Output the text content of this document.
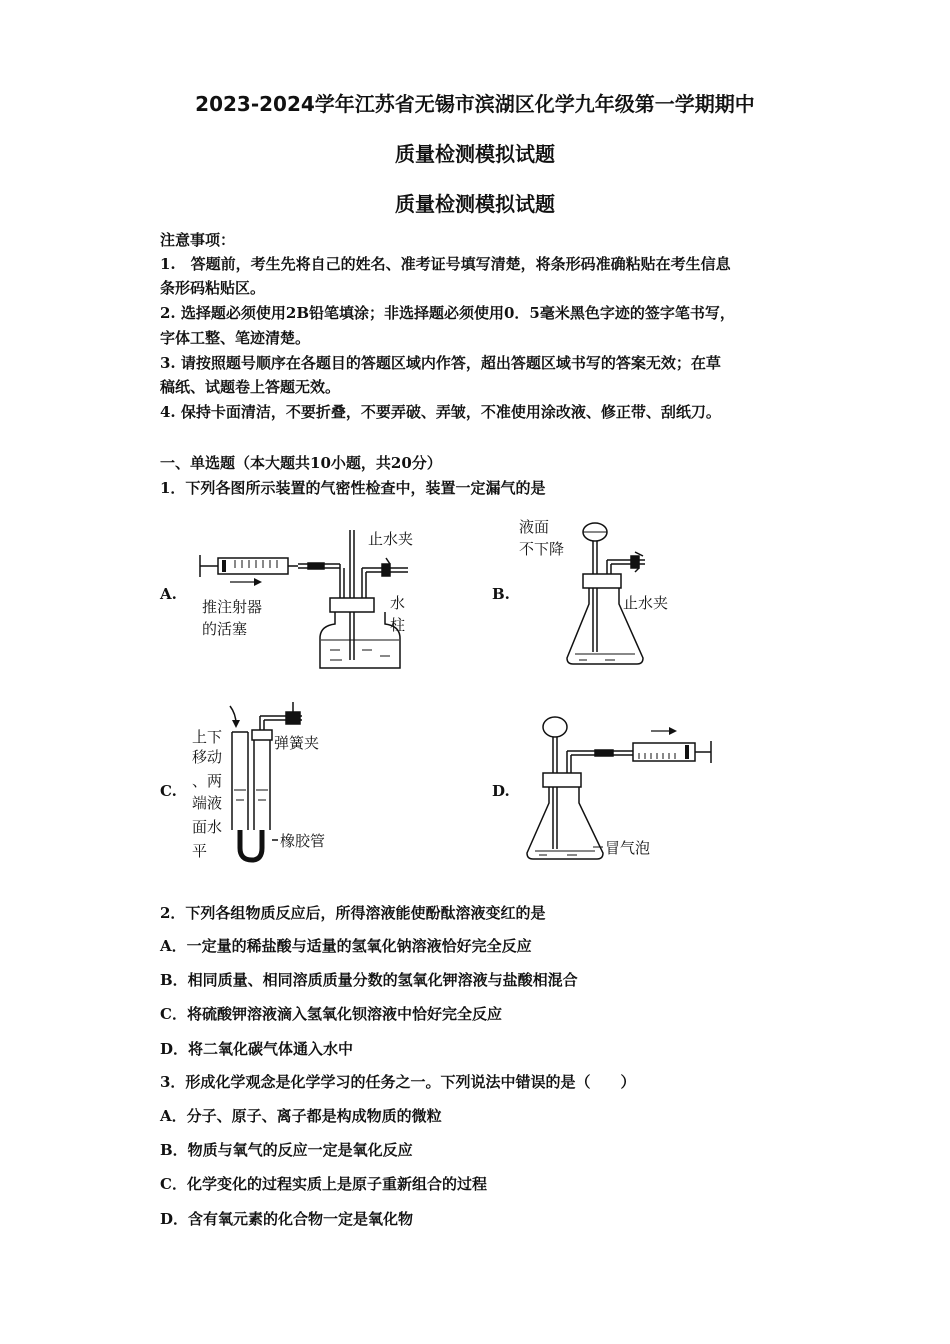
2023-2024学年江苏省无锡市滨湖区化学九年级第一学期期中
质量检测模拟试题
质量检测模拟试题
注意事项：
1.　答题前，考生先将自己的姓名、准考证号填写清楚，将条形码准确粘贴在考生信息
条形码粘贴区。
2. 选择题必须使用2B铅笔填涂；非选择题必须使用0．5毫米黑色字迹的签字笔书写，
字体工整、笔迹清楚。
3. 请按照题号顺序在各题目的答题区域内作答，超出答题区域书写的答案无效；在草
稿纸、试题卷上答题无效。
4. 保持卡面清洁，不要折叠，不要弄破、弄皱，不准使用涂改液、修正带、刮纸刀。
一、单选题（本大题共10小题，共20分）
1．下列各图所示装置的气密性检查中，装置一定漏气的是
A.	B.
C.	D.
止水夹
推注射器
的活塞
水
柱
液面
不下降
止水夹
上下
移动
、两
端液
面水
平
弹簧夹
橡胶管	冒气泡
2．下列各组物质反应后，所得溶液能使酚酞溶液变红的是
A．一定量的稀盐酸与适量的氢氧化钠溶液恰好完全反应
B．相同质量、相同溶质质量分数的氢氧化钾溶液与盐酸相混合
C．将硫酸钾溶液滴入氢氧化钡溶液中恰好完全反应
D．将二氧化碳气体通入水中
3．形成化学观念是化学学习的任务之一。下列说法中错误的是（　　）
A．分子、原子、离子都是构成物质的微粒
B．物质与氧气的反应一定是氧化反应
C．化学变化的过程实质上是原子重新组合的过程
D．含有氧元素的化合物一定是氧化物
